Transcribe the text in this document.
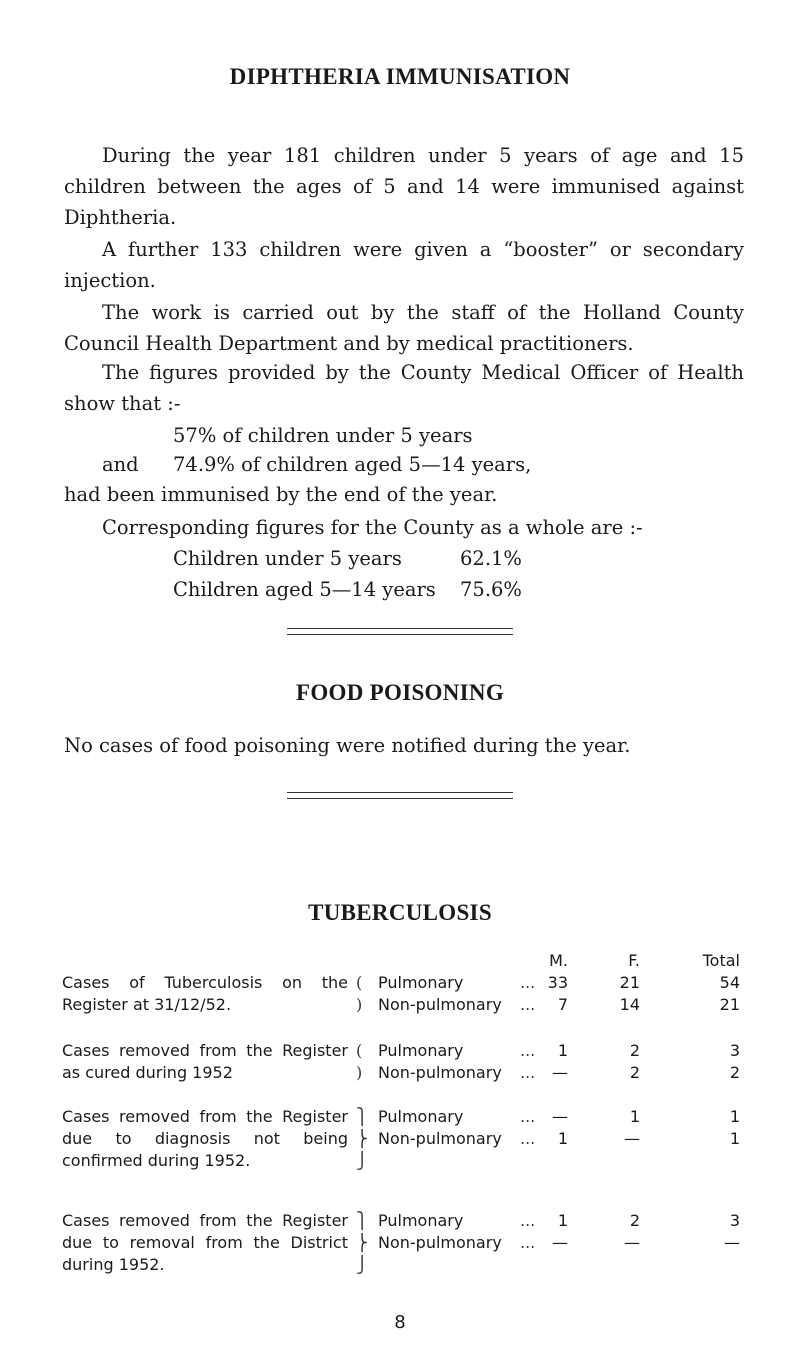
DIPHTHERIA IMMUNISATION
During the year 181 children under 5 years of age and 15 children between the ages of 5 and 14 were immunised against Diphtheria.
A further 133 children were given a “booster” or secondary injection.
The work is carried out by the staff of the Holland County Council Health Department and by medical practitioners.
The figures provided by the County Medical Officer of Health show that :-
57% of children under 5 years
and 74.9% of children aged 5—14 years,
had been immunised by the end of the year.
Corresponding figures for the County as a whole are :-
Children under 5 years	62.1%
Children aged 5—14 years 75.6%
FOOD POISONING
No cases of food poisoning were notified during the year.
TUBERCULOSIS
M.	F.	Total
Cases of Tuberculosis on the Register at 31/12/52.
(
)
Pulmonary	... 33	21	54
Non-pulmonary ...	7	14	21
Cases removed from the Register as cured during 1952
(
)
Pulmonary	...	1	2	3
Non-pulmonary ...	—	2	2
Cases removed from the Register due to diagnosis not being confirmed during 1952.
⎫
⎬
⎭
Pulmonary	...	—	1	1
Non-pulmonary ...	1	—	1
Cases removed from the Register due to removal from the District during 1952.
⎫
⎬
⎭
Pulmonary	...	1	2	3
Non-pulmonary ...	—	—	—
8
